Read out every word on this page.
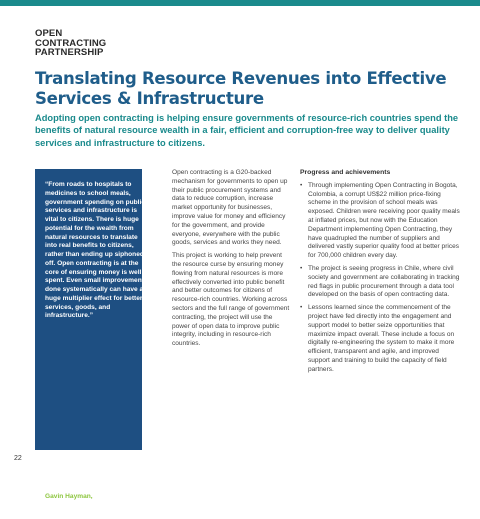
OPEN
CONTRACTING
PARTNERSHIP
Translating Resource Revenues into Effective Services & Infrastructure

Adopting open contracting is helping ensure governments of resource-rich countries spend the benefits of natural resource wealth in a fair, efficient and corruption-free way to deliver quality services and infrastructure to citizens.

“From roads to hospitals to medicines to school meals, government spending on public services and infrastructure is vital to citizens. There is huge potential for the wealth from natural resources to translate into real benefits to citizens, rather than ending up siphoned off. Open contracting is at the core of ensuring money is well spent. Even small improvements done systematically can have a huge multiplier effect for better services, goods, and infrastructure.”

Gavin Hayman,
Executive Director,
Open Contracting Partnership

Open contracting is a G20-backed mechanism for governments to open up their public procurement systems and data to reduce corruption, increase market opportunity for businesses, improve value for money and efficiency for the government, and provide everyone, everywhere with the public goods, services and works they need.

This project is working to help prevent the resource curse by ensuring money flowing from natural resources is more effectively converted into public benefit and better outcomes for citizens of resource-rich countries. Working across sectors and the full range of government contracting, the project will use the power of open data to improve public integrity, including in resource-rich countries.

Progress and achievements
• Through implementing Open Contracting in Bogota, Colombia, a corrupt US$22 million price-fixing scheme in the provision of school meals was exposed. Children were receiving poor quality meals at inflated prices, but now with the Education Department implementing Open Contracting, they have quadrupled the number of suppliers and delivered vastly superior quality food at better prices for 700,000 children every day.
• The project is seeing progress in Chile, where civil society and government are collaborating in tracking red flags in public procurement through a data tool developed on the basis of open contracting data.
• Lessons learned since the commencement of the project have fed directly into the engagement and support model to better seize opportunities that maximize impact overall. These include a focus on digitally re-engineering the system to make it more efficient, transparent and agile, and improved support and training to build the capacity of field partners.
22
